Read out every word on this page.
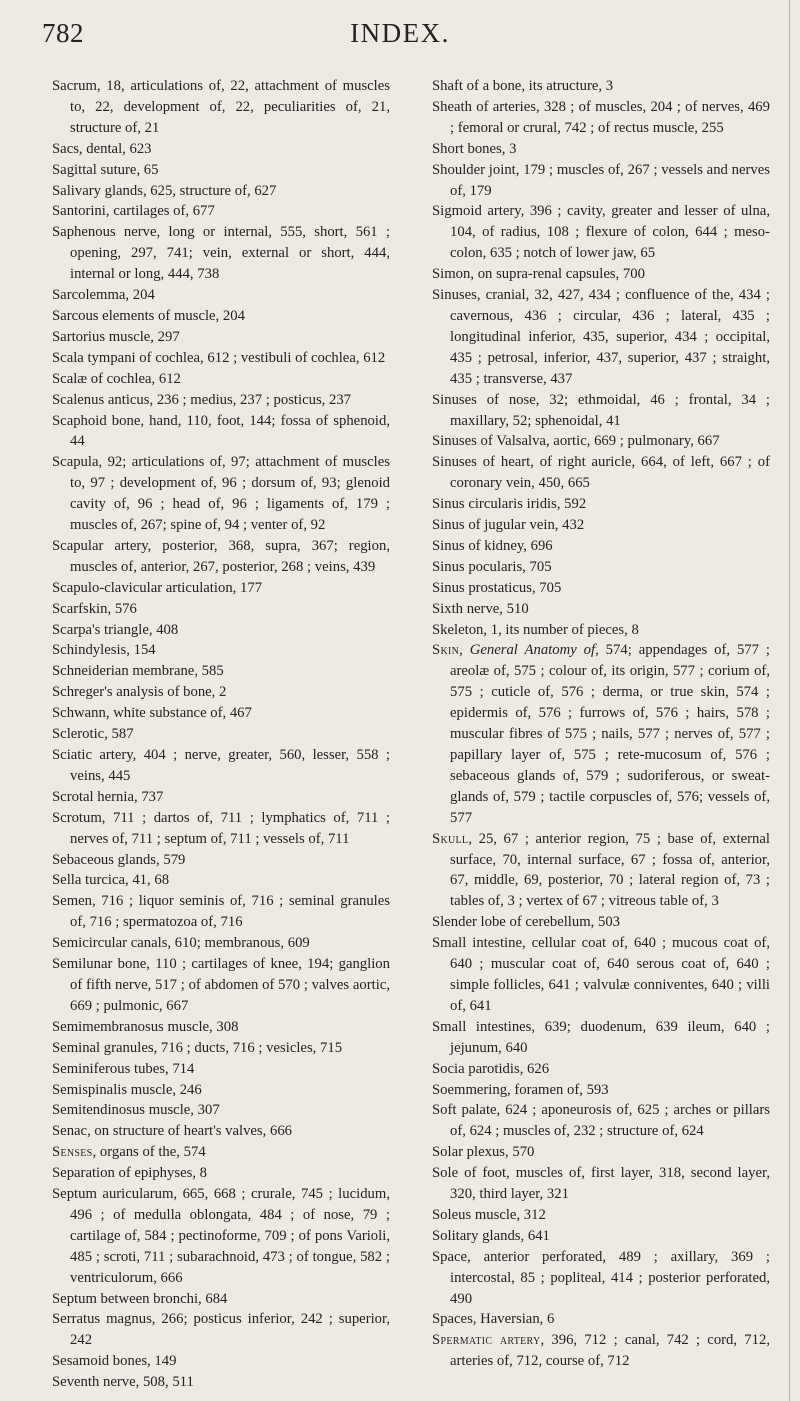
782	INDEX.

Sacrum, 18, articulations of, 22, attachment of muscles to, 22, development of, 22, peculiarities of, 21, structure of, 21

Sacs, dental, 623

Sagittal suture, 65

Salivary glands, 625, structure of, 627

Santorini, cartilages of, 677

Saphenous nerve, long or internal, 555, short, 561 ; opening, 297, 741; vein, external or short, 444, internal or long, 444, 738

Sarcolemma, 204

Sarcous elements of muscle, 204

Sartorius muscle, 297

Scala tympani of cochlea, 612 ; vestibuli of cochlea, 612

Scalæ of cochlea, 612

Scalenus anticus, 236 ; medius, 237 ; posticus, 237

Scaphoid bone, hand, 110, foot, 144; fossa of sphenoid, 44

Scapula, 92; articulations of, 97; attachment of muscles to, 97 ; development of, 96 ; dorsum of, 93; glenoid cavity of, 96 ; head of, 96 ; ligaments of, 179 ; muscles of, 267; spine of, 94 ; venter of, 92

Scapular artery, posterior, 368, supra, 367; region, muscles of, anterior, 267, posterior, 268 ; veins, 439

Scapulo-clavicular articulation, 177

Scarfskin, 576

Scarpa's triangle, 408

Schindylesis, 154

Schneiderian membrane, 585

Schreger's analysis of bone, 2

Schwann, white substance of, 467

Sclerotic, 587

Sciatic artery, 404 ; nerve, greater, 560, lesser, 558 ; veins, 445

Scrotal hernia, 737

Scrotum, 711 ; dartos of, 711 ; lymphatics of, 711 ; nerves of, 711 ; septum of, 711 ; vessels of, 711

Sebaceous glands, 579

Sella turcica, 41, 68

Semen, 716 ; liquor seminis of, 716 ; seminal granules of, 716 ; spermatozoa of, 716

Semicircular canals, 610; membranous, 609

Semilunar bone, 110 ; cartilages of knee, 194; ganglion of fifth nerve, 517 ; of abdomen of 570 ; valves aortic, 669 ; pulmonic, 667

Semimembranosus muscle, 308

Seminal granules, 716 ; ducts, 716 ; vesicles, 715

Seminiferous tubes, 714

Semispinalis muscle, 246

Semitendinosus muscle, 307

Senac, on structure of heart's valves, 666

Senses, organs of the, 574

Separation of epiphyses, 8

Septum auricularum, 665, 668 ; crurale, 745 ; lucidum, 496 ; of medulla oblongata, 484 ; of nose, 79 ; cartilage of, 584 ; pectinoforme, 709 ; of pons Varioli, 485 ; scroti, 711 ; subarachnoid, 473 ; of tongue, 582 ; ventriculorum, 666

Septum between bronchi, 684

Serratus magnus, 266; posticus inferior, 242 ; superior, 242

Sesamoid bones, 149

Seventh nerve, 508, 511

Shaft of a bone, its atructure, 3

Sheath of arteries, 328 ; of muscles, 204 ; of nerves, 469 ; femoral or crural, 742 ; of rectus muscle, 255

Short bones, 3

Shoulder joint, 179 ; muscles of, 267 ; vessels and nerves of, 179

Sigmoid artery, 396 ; cavity, greater and lesser of ulna, 104, of radius, 108 ; flexure of colon, 644 ; meso-colon, 635 ; notch of lower jaw, 65

Simon, on supra-renal capsules, 700

Sinuses, cranial, 32, 427, 434 ; confluence of the, 434 ; cavernous, 436 ; circular, 436 ; lateral, 435 ; longitudinal inferior, 435, superior, 434 ; occipital, 435 ; petrosal, inferior, 437, superior, 437 ; straight, 435 ; transverse, 437

Sinuses of nose, 32; ethmoidal, 46 ; frontal, 34 ; maxillary, 52; sphenoidal, 41

Sinuses of Valsalva, aortic, 669 ; pulmonary, 667

Sinuses of heart, of right auricle, 664, of left, 667 ; of coronary vein, 450, 665

Sinus circularis iridis, 592

Sinus of jugular vein, 432

Sinus of kidney, 696

Sinus pocularis, 705

Sinus prostaticus, 705

Sixth nerve, 510

Skeleton, 1, its number of pieces, 8

Skin, General Anatomy of, 574; appendages of, 577 ; areolæ of, 575 ; colour of, its origin, 577 ; corium of, 575 ; cuticle of, 576 ; derma, or true skin, 574 ; epidermis of, 576 ; furrows of, 576 ; hairs, 578 ; muscular fibres of 575 ; nails, 577 ; nerves of, 577 ; papillary layer of, 575 ; rete-mucosum of, 576 ; sebaceous glands of, 579 ; sudoriferous, or sweat-glands of, 579 ; tactile corpuscles of, 576; vessels of, 577

Skull, 25, 67 ; anterior region, 75 ; base of, external surface, 70, internal surface, 67 ; fossa of, anterior, 67, middle, 69, posterior, 70 ; lateral region of, 73 ; tables of, 3 ; vertex of 67 ; vitreous table of, 3

Slender lobe of cerebellum, 503

Small intestine, cellular coat of, 640 ; mucous coat of, 640 ; muscular coat of, 640 serous coat of, 640 ; simple follicles, 641 ; valvulæ conniventes, 640 ; villi of, 641

Small intestines, 639; duodenum, 639 ileum, 640 ; jejunum, 640

Socia parotidis, 626

Soemmering, foramen of, 593

Soft palate, 624 ; aponeurosis of, 625 ; arches or pillars of, 624 ; muscles of, 232 ; structure of, 624

Solar plexus, 570

Sole of foot, muscles of, first layer, 318, second layer, 320, third layer, 321

Soleus muscle, 312

Solitary glands, 641

Space, anterior perforated, 489 ; axillary, 369 ; intercostal, 85 ; popliteal, 414 ; posterior perforated, 490

Spaces, Haversian, 6

Spermatic artery, 396, 712 ; canal, 742 ; cord, 712, arteries of, 712, course of, 712
